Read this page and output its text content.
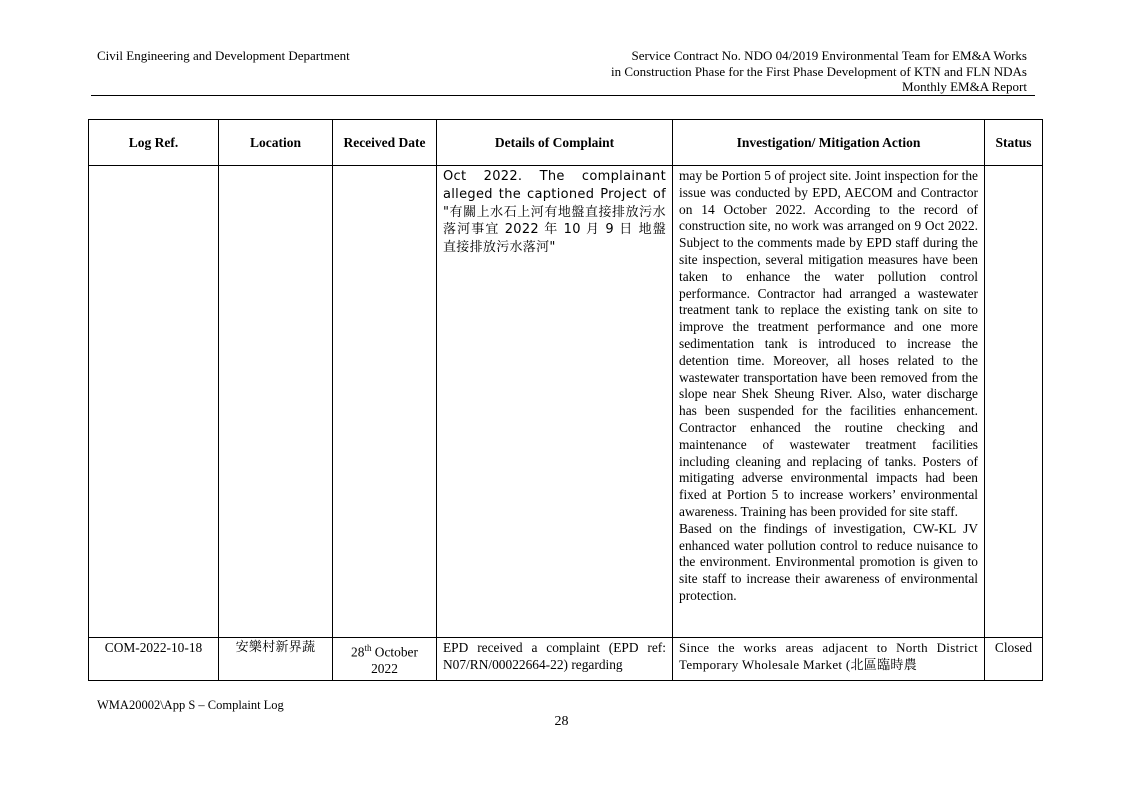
Civil Engineering and Development Department	Service Contract No. NDO 04/2019 Environmental Team for EM&A Works
in Construction Phase for the First Phase Development of KTN and FLN NDAs
Monthly EM&A Report
Log Ref.	Location	Received Date	Details of Complaint	Investigation/ Mitigation Action	Status
			Oct 2022. The complainant alleged the captioned Project of "有關上水石上河有地盤直接排放污水落河事宜 2022 年 10 月 9 日 地盤直接排放污水落河"	may be Portion 5 of project site. Joint inspection for the issue was conducted by EPD, AECOM and Contractor on 14 October 2022. According to the record of construction site, no work was arranged on 9 Oct 2022. Subject to the comments made by EPD staff during the site inspection, several mitigation measures have been taken to enhance the water pollution control performance. Contractor had arranged a wastewater treatment tank to replace the existing tank on site to improve the treatment performance and one more sedimentation tank is introduced to increase the detention time. Moreover, all hoses related to the wastewater transportation have been removed from the slope near Shek Sheung River. Also, water discharge has been suspended for the facilities enhancement. Contractor enhanced the routine checking and maintenance of wastewater treatment facilities including cleaning and replacing of tanks. Posters of mitigating adverse environmental impacts had been fixed at Portion 5 to increase workers’ environmental awareness. Training has been provided for site staff.
Based on the findings of investigation, CW-KL JV enhanced water pollution control to reduce nuisance to the environment. Environmental promotion is given to site staff to increase their awareness of environmental protection.	

COM-2022-10-18	安樂村新界蔬	28th October 2022	EPD received a complaint (EPD ref: N07/RN/00022664-22) regarding	Since the works areas adjacent to North District Temporary Wholesale Market (北區臨時農	Closed
WMA20002\App S – Complaint Log
28
